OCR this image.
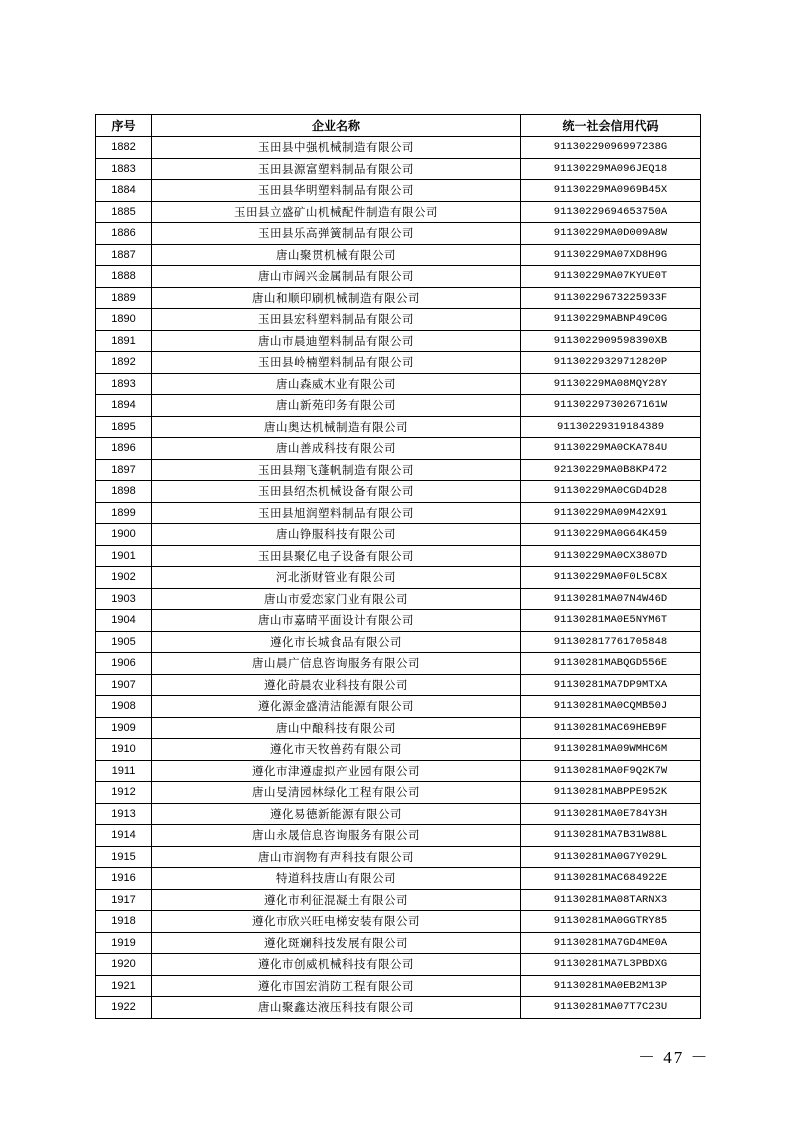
序号	企业名称	统一社会信用代码
1882	玉田县中强机械制造有限公司	91130229096997238G
1883	玉田县源富塑料制品有限公司	91130229MA096JEQ18
1884	玉田县华明塑料制品有限公司	91130229MA0969B45X
1885	玉田县立盛矿山机械配件制造有限公司	91130229694653750A
1886	玉田县乐高弹簧制品有限公司	91130229MA0D009A8W
1887	唐山聚贯机械有限公司	91130229MA07XD8H9G
1888	唐山市阔兴金属制品有限公司	91130229MA07KYUE0T
1889	唐山和顺印刷机械制造有限公司	91130229673225933F
1890	玉田县宏科塑料制品有限公司	91130229MABNP49C0G
1891	唐山市晨迪塑料制品有限公司	91130229095983​90XB
1892	玉田县岭楠塑料制品有限公司	91130229329712820P
1893	唐山森威木业有限公司	91130229MA08MQY28Y
1894	唐山新苑印务有限公司	91130229730267161W
1895	唐山奥达机械制造有限公司	91130229319184389
1896	唐山善成科技有限公司	91130229MA0CKA784U
1897	玉田县翔飞蓬帆制造有限公司	92130229MA0B8KP472
1898	玉田县绍杰机械设备有限公司	91130229MA0CGD4D28
1899	玉田县旭润塑料制品有限公司	91130229MA09M42X91
1900	唐山铮服科技有限公司	91130229MA0G64K459
1901	玉田县聚亿电子设备有限公司	91130229MA0CX3807D
1902	河北浙财管业有限公司	91130229MA0F0L5C8X
1903	唐山市爱恋家门业有限公司	91130281MA07N4W46D
1904	唐山市嘉晴平面设计有限公司	91130281MA0E5NYM6T
1905	遵化市长城食品有限公司	91130281776170584​8
1906	唐山晨广信息咨询服务有限公司	91130281MABQGD556E
1907	遵化莳晨农业科技有限公司	91130281MA7DP9MTXA
1908	遵化源金盛清洁能源有限公司	91130281MA0CQMB50J
1909	唐山中酿科技有限公司	91130281MAC69HEB9F
1910	遵化市天牧兽药有限公司	91130281MA09WMHC6M
1911	遵化市津遵虚拟产业园有限公司	91130281MA0F9Q2K7W
1912	唐山旻清园林绿化工程有限公司	91130281MABPPE952K
1913	遵化易德新能源有限公司	91130281MA0E784Y3H
1914	唐山永晟信息咨询服务有限公司	91130281MA7B31W88L
1915	唐山市润物有声科技有限公司	91130281MA0G7Y029L
1916	特道科技唐山有限公司	91130281MAC684922E
1917	遵化市利征混凝土有限公司	91130281MA08TARNX3
1918	遵化市欣兴旺电梯安装有限公司	91130281MA0GGTRY85
1919	遵化斑斓科技发展有限公司	91130281MA7GD4ME0A
1920	遵化市创威机械科技有限公司	91130281MA7L3PBDXG
1921	遵化市国宏消防工程有限公司	91130281MA0EB2M13P
1922	唐山聚鑫达液压科技有限公司	91130281MA07T7C23U
－ 47 －
